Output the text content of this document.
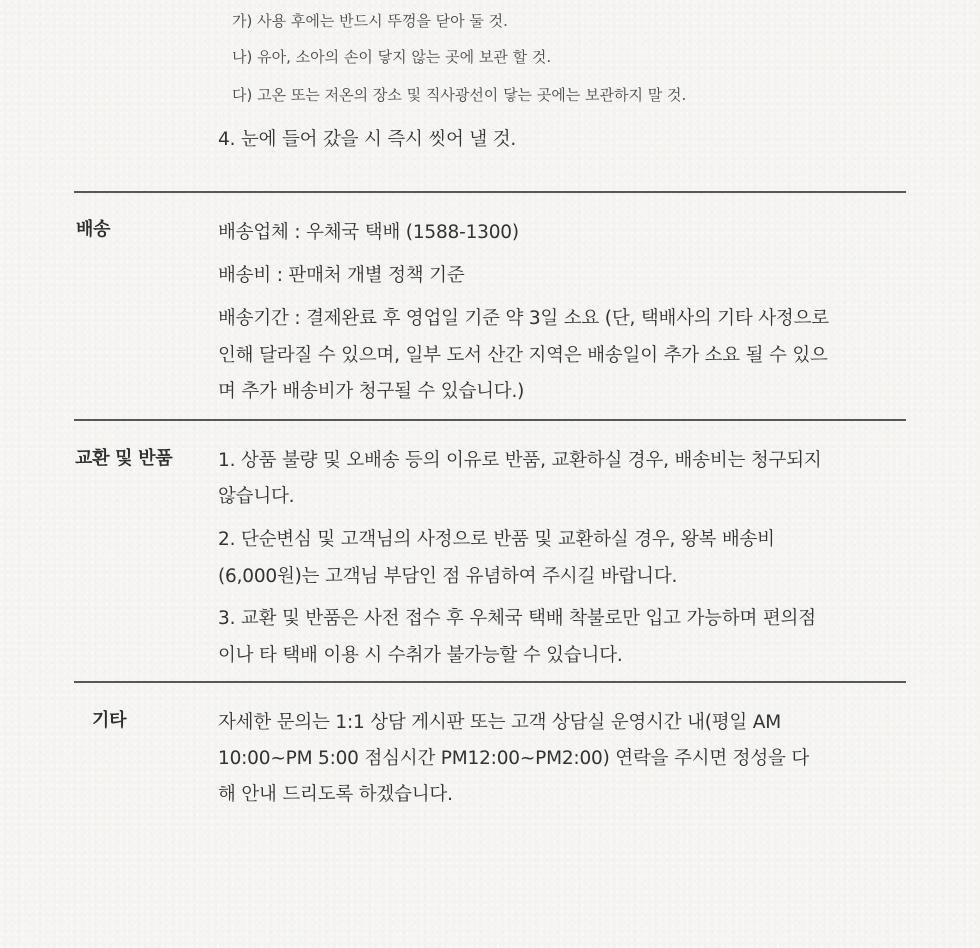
가) 사용 후에는 반드시 뚜껑을 닫아 둘 것.
나) 유아, 소아의 손이 닿지 않는 곳에 보관 할 것.
다) 고온 또는 저온의 장소 및 직사광선이 닿는 곳에는 보관하지 말 것.
4. 눈에 들어 갔을 시 즉시 씻어 낼 것.
배송	배송업체 : 우체국 택배 (1588-1300)
배송비 : 판매처 개별 정책 기준
배송기간 : 결제완료 후 영업일 기준 약 3일 소요 (단, 택배사의 기타 사정으로
인해 달라질 수 있으며, 일부 도서 산간 지역은 배송일이 추가 소요 될 수 있으
며 추가 배송비가 청구될 수 있습니다.)
교환 및 반품 1. 상품 불량 및 오배송 등의 이유로 반품, 교환하실 경우, 배송비는 청구되지
않습니다.
2. 단순변심 및 고객님의 사정으로 반품 및 교환하실 경우, 왕복 배송비
(6,000원)는 고객님 부담인 점 유념하여 주시길 바랍니다.
3. 교환 및 반품은 사전 접수 후 우체국 택배 착불로만 입고 가능하며 편의점
이나 타 택배 이용 시 수취가 불가능할 수 있습니다.
기타	자세한 문의는 1:1 상담 게시판 또는 고객 상담실 운영시간 내(평일 AM
10:00~PM 5:00 점심시간 PM12:00~PM2:00) 연락을 주시면 정성을 다
해 안내 드리도록 하겠습니다.
